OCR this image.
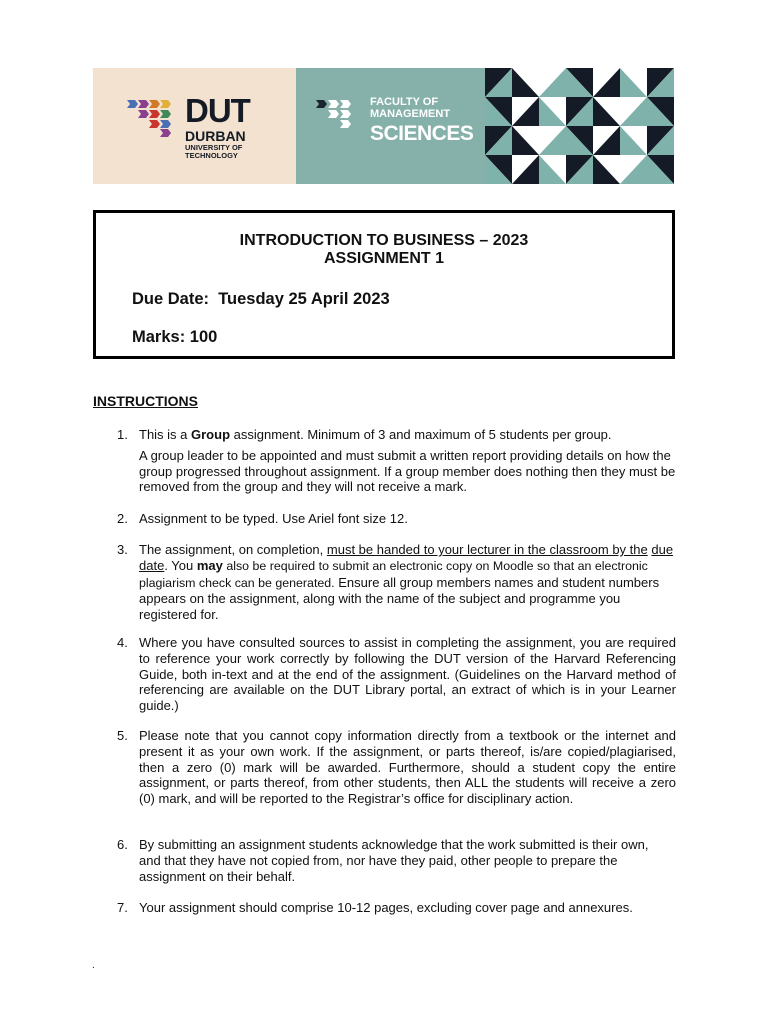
DUT
DURBAN
UNIVERSITY OF
TECHNOLOGY
FACULTY OF
MANAGEMENT
SCIENCES
INTRODUCTION TO BUSINESS – 2023
ASSIGNMENT 1
Due Date: Tuesday 25 April 2023
Marks: 100
INSTRUCTIONS
1. This is a Group assignment. Minimum of 3 and maximum of 5 students per group.
A group leader to be appointed and must submit a written report providing details on how the group progressed throughout assignment. If a group member does nothing then they must be removed from the group and they will not receive a mark.
2. Assignment to be typed. Use Ariel font size 12.
3. The assignment, on completion, must be handed to your lecturer in the classroom by the due date. You may also be required to submit an electronic copy on Moodle so that an electronic plagiarism check can be generated. Ensure all group members names and student numbers appears on the assignment, along with the name of the subject and programme you registered for.
4. Where you have consulted sources to assist in completing the assignment, you are required to reference your work correctly by following the DUT version of the Harvard Referencing Guide, both in-text and at the end of the assignment. (Guidelines on the Harvard method of referencing are available on the DUT Library portal, an extract of which is in your Learner guide.)
5. Please note that you cannot copy information directly from a textbook or the internet and present it as your own work. If the assignment, or parts thereof, is/are copied/plagiarised, then a zero (0) mark will be awarded. Furthermore, should a student copy the entire assignment, or parts thereof, from other students, then ALL the students will receive a zero (0) mark, and will be reported to the Registrar’s office for disciplinary action.
6. By submitting an assignment students acknowledge that the work submitted is their own, and that they have not copied from, nor have they paid, other people to prepare the assignment on their behalf.
7. Your assignment should comprise 10-12 pages, excluding cover page and annexures.
.
